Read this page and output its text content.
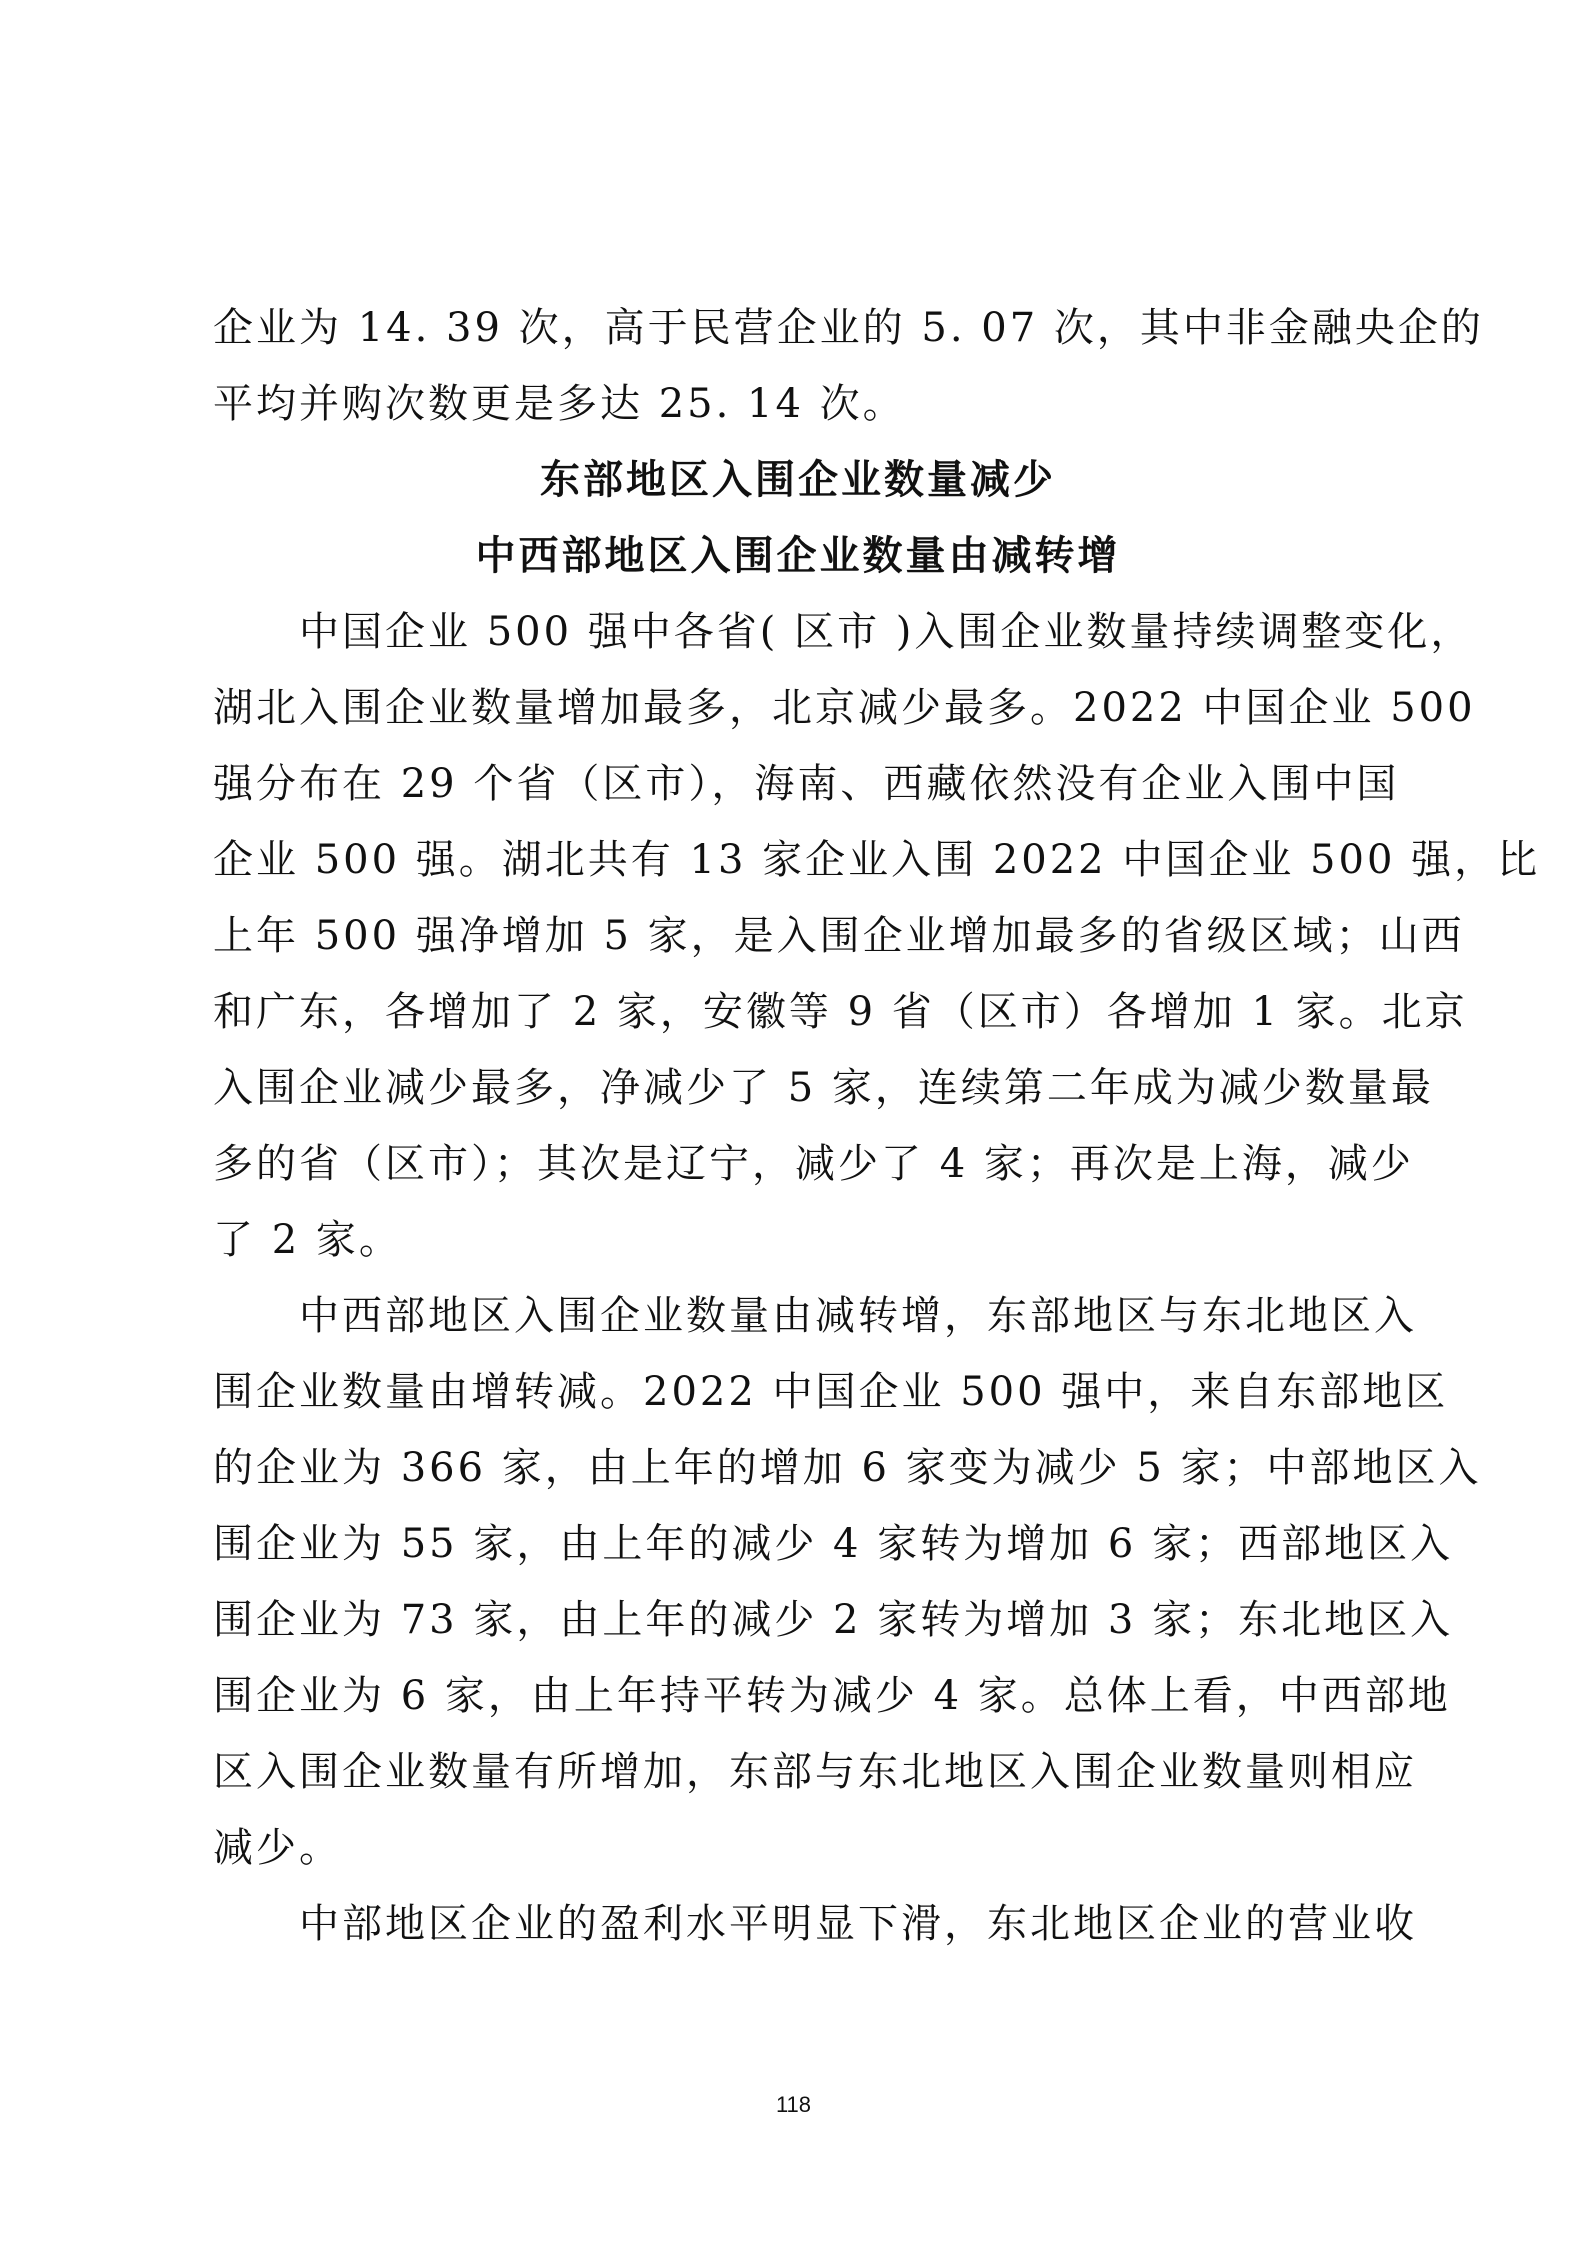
企业为 14. 39 次，高于民营企业的 5. 07 次，其中非金融央企的
平均并购次数更是多达 25. 14 次。
东部地区入围企业数量减少
中西部地区入围企业数量由减转增
中国企业 500 强中各省( 区市 )入围企业数量持续调整变化，
湖北入围企业数量增加最多，北京减少最多。2022 中国企业 500
强分布在 29 个省（区市），海南、西藏依然没有企业入围中国
企业 500 强。湖北共有 13 家企业入围 2022 中国企业 500 强，比
上年 500 强净增加 5 家，是入围企业增加最多的省级区域；山西
和广东，各增加了 2 家，安徽等 9 省（区市）各增加 1 家。北京
入围企业减少最多，净减少了 5 家，连续第二年成为减少数量最
多的省（区市）；其次是辽宁，减少了 4 家；再次是上海，减少
了 2 家。
中西部地区入围企业数量由减转增，东部地区与东北地区入
围企业数量由增转减。2022 中国企业 500 强中，来自东部地区
的企业为 366 家，由上年的增加 6 家变为减少 5 家；中部地区入
围企业为 55 家，由上年的减少 4 家转为增加 6 家；西部地区入
围企业为 73 家，由上年的减少 2 家转为增加 3 家；东北地区入
围企业为 6 家，由上年持平转为减少 4 家。总体上看，中西部地
区入围企业数量有所增加，东部与东北地区入围企业数量则相应
减少。
中部地区企业的盈利水平明显下滑，东北地区企业的营业收
118
